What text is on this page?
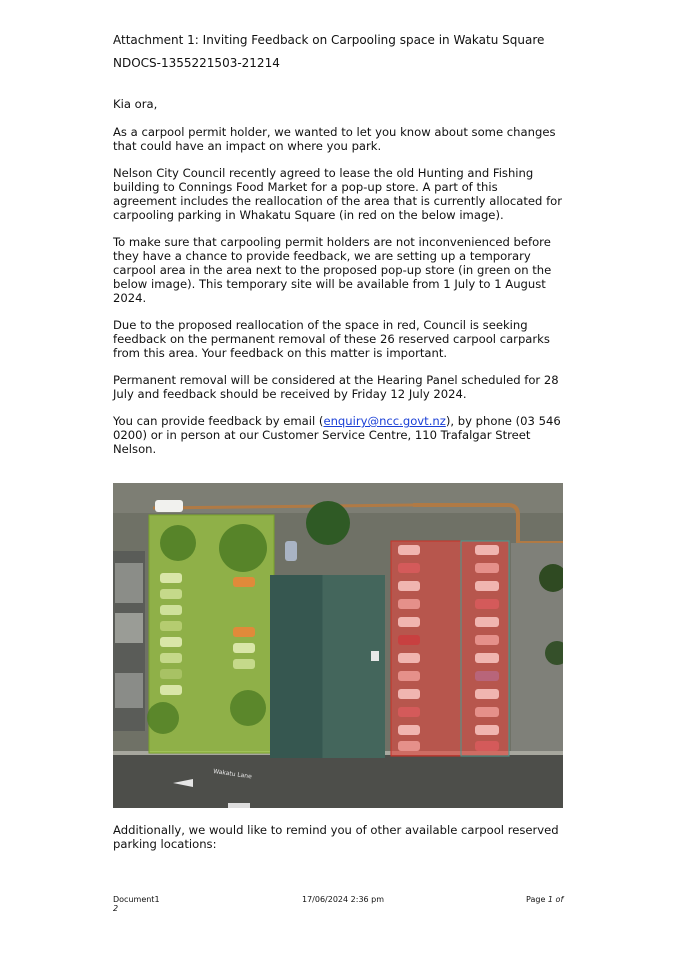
Attachment 1: Inviting Feedback on Carpooling space in Wakatu Square
NDOCS-1355221503-21214

Kia ora,

As a carpool permit holder, we wanted to let you know about some changes that could have an impact on where you park.

Nelson City Council recently agreed to lease the old Hunting and Fishing building to Connings Food Market for a pop-up store. A part of this agreement includes the reallocation of the area that is currently allocated for carpooling parking in Whakatu Square (in red on the below image).

To make sure that carpooling permit holders are not inconvenienced before they have a chance to provide feedback, we are setting up a temporary carpool area in the area next to the proposed pop-up store (in green on the below image). This temporary site will be available from 1 July to 1 August 2024.

Due to the proposed reallocation of the space in red, Council is seeking feedback on the permanent removal of these 26 reserved carpool carparks from this area. Your feedback on this matter is important.

Permanent removal will be considered at the Hearing Panel scheduled for 28 July and feedback should be received by Friday 12 July 2024.

You can provide feedback by email (enquiry@ncc.govt.nz), by phone (03 546 0200) or in person at our Customer Service Centre, 110 Trafalgar Street Nelson.

Wakatu Lane

Additionally, we would like to remind you of other available carpool reserved parking locations:

Document1
2
17/06/2024 2:36 pm	Page 1 of
